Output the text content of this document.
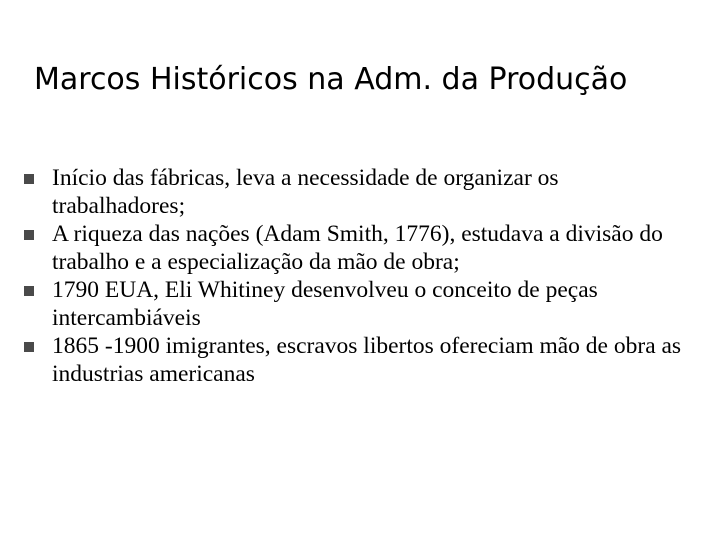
Marcos Históricos na Adm. da Produção
Início das fábricas, leva a necessidade de organizar os trabalhadores;
A riqueza das nações (Adam Smith, 1776), estudava a divisão do trabalho e a especialização da mão de obra;
1790 EUA, Eli Whitiney desenvolveu o conceito de peças intercambiáveis
1865 -1900 imigrantes, escravos libertos ofereciam mão de obra as industrias americanas
